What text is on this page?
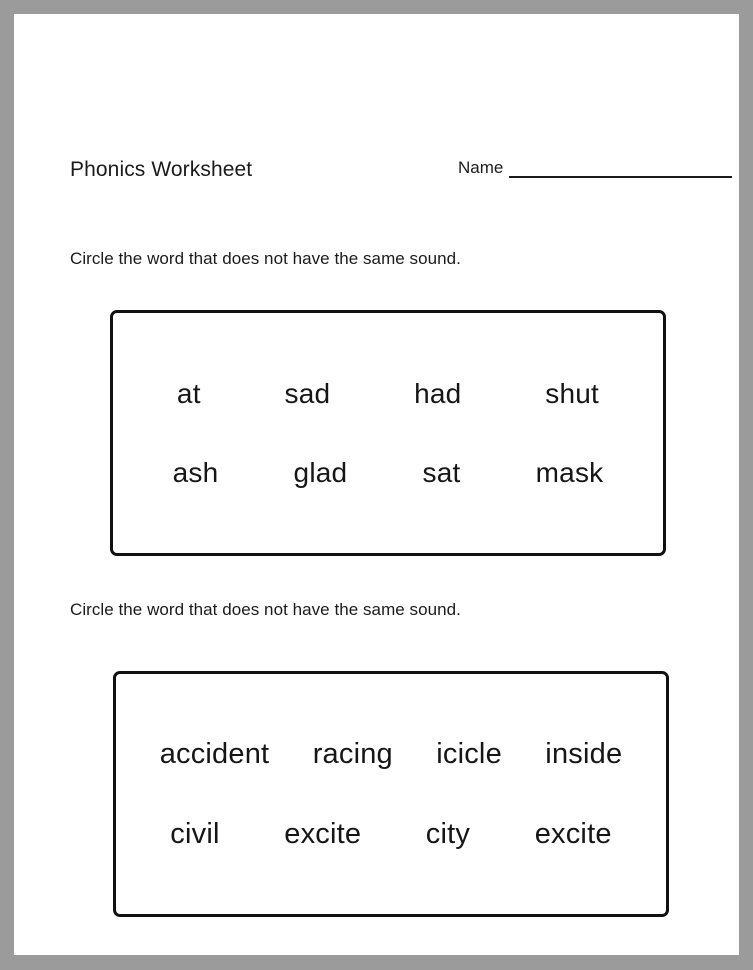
Phonics Worksheet	Name
Circle the word that does not have the same sound.
at	sad	had	shut
ash	glad	sat	mask
Circle the word that does not have the same sound.
accident racing icicle inside
civil excite city excite
